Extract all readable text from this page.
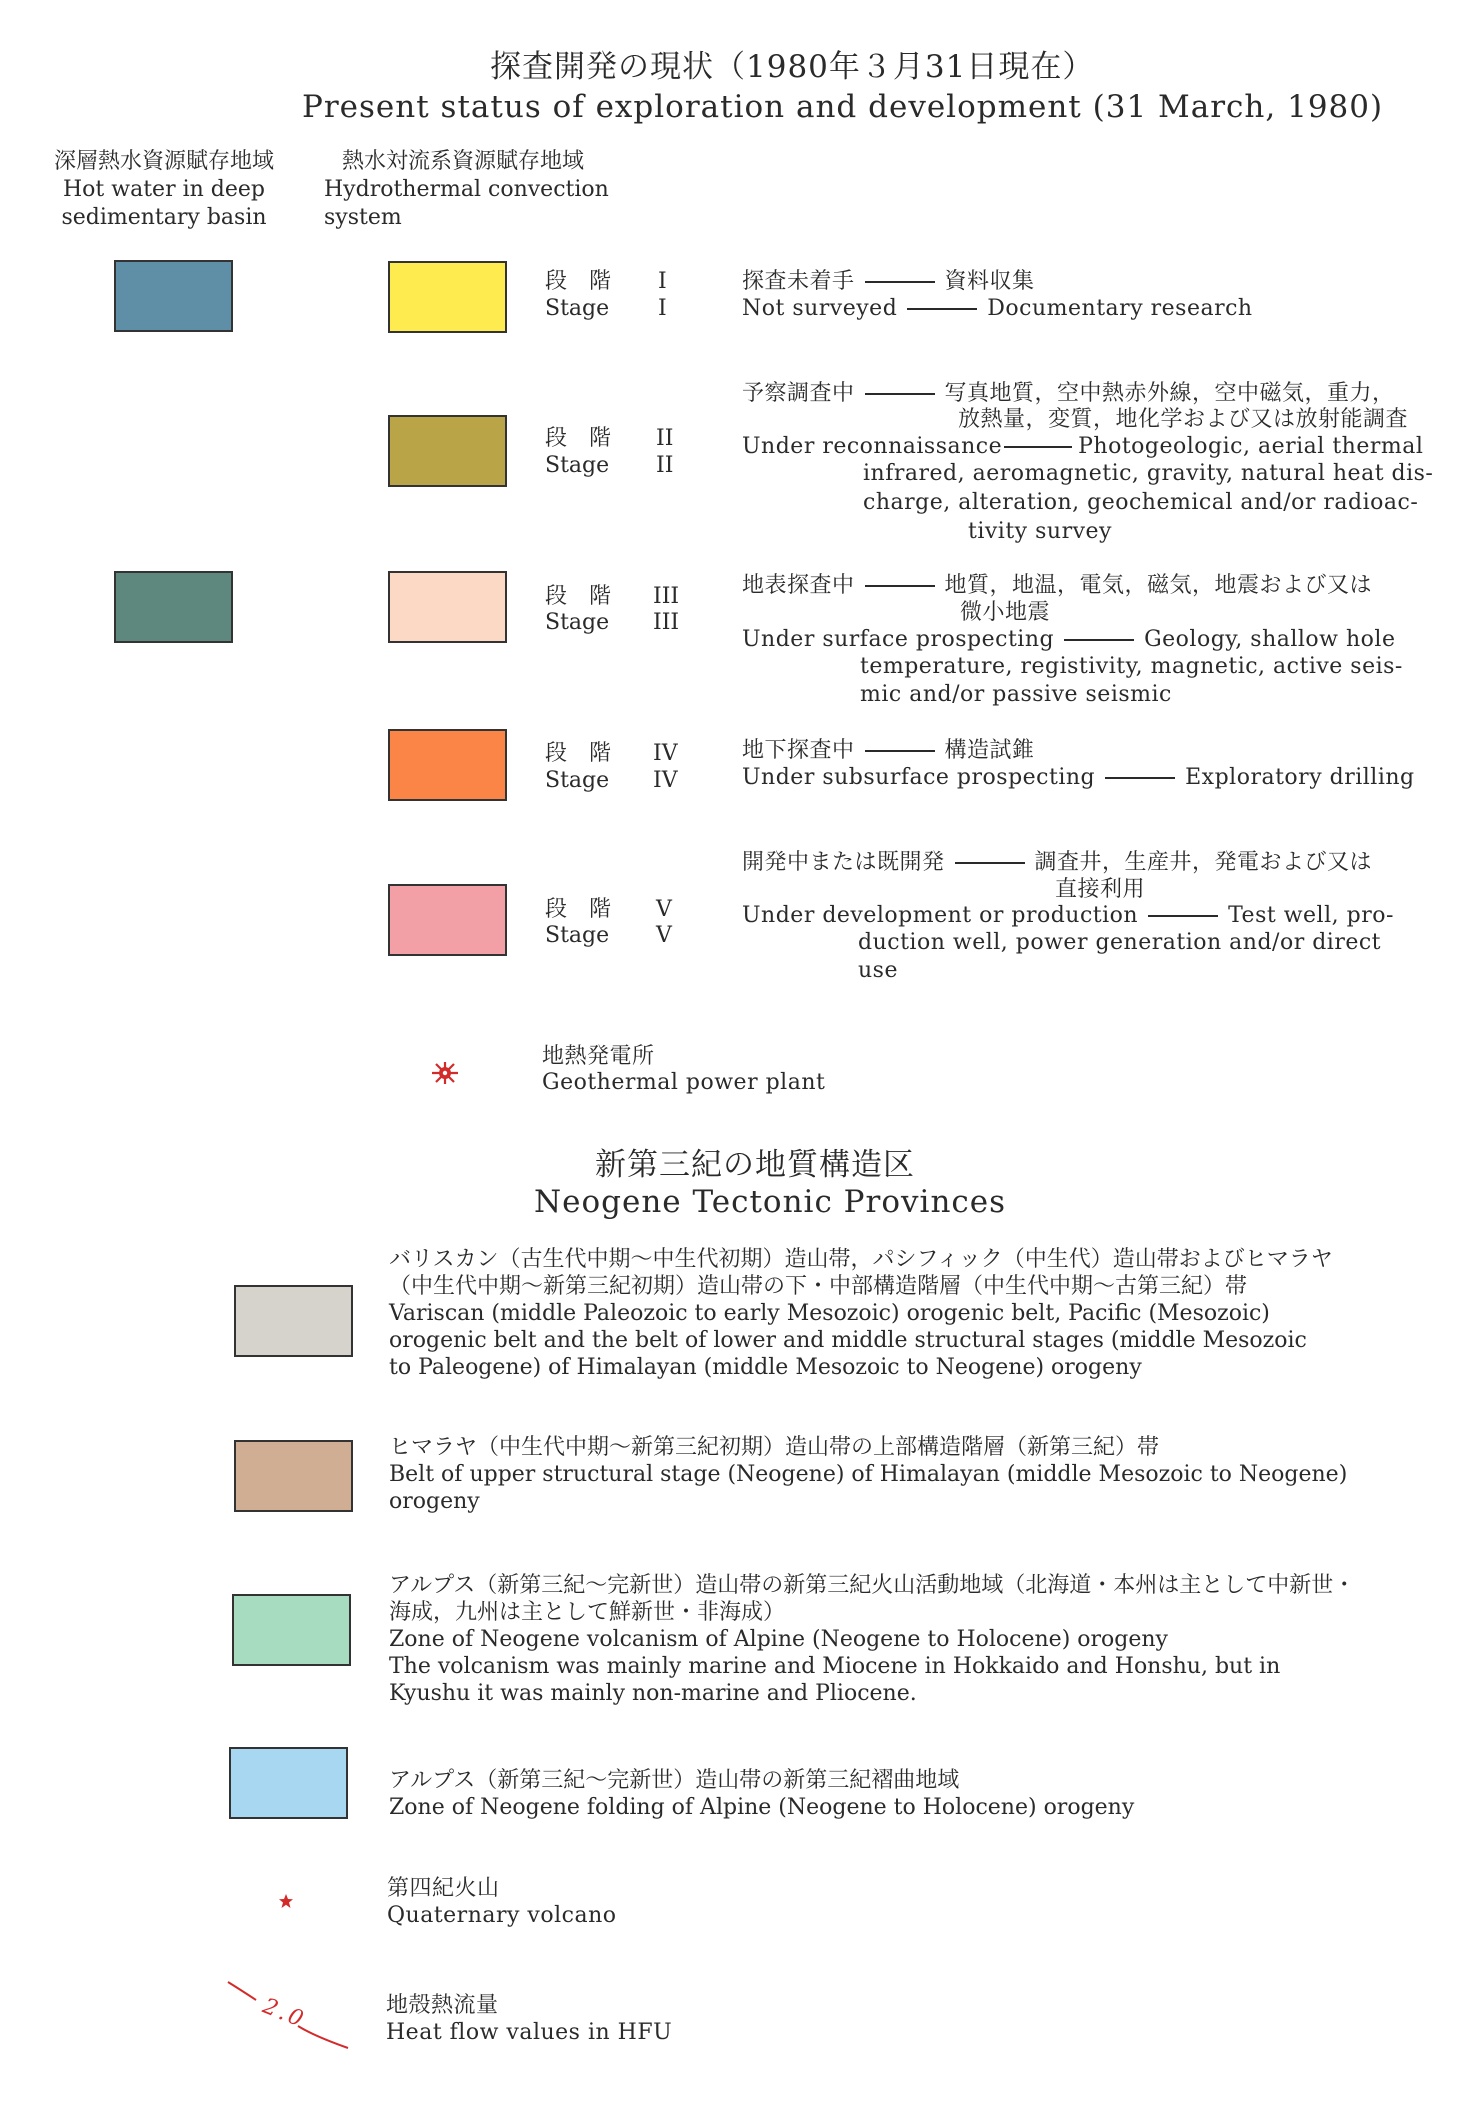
探査開発の現状（1980年３月31日現在）
Present status of exploration and development (31 March, 1980)
深層熱水資源賦存地域
Hot water in deep
sedimentary basin
熱水対流系資源賦存地域
Hydrothermal convection
system
段　階 I
Stage I
探査未着手	資料収集
Not surveyed	Documentary research
段　階 II
Stage II
予察調査中	写真地質，空中熱赤外線，空中磁気，重力，
放熱量，変質，地化学および又は放射能調査
Under reconnaissance	Photogeologic, aerial thermal
infrared, aeromagnetic, gravity, natural heat dis-
charge, alteration, geochemical and/or radioac-
tivity survey
段　階 III
Stage III
地表探査中	地質，地温，電気，磁気，地震および又は
微小地震
Under surface prospecting	Geology, shallow hole
temperature, registivity, magnetic, active seis-
mic and/or passive seismic
段　階 IV
Stage IV
地下探査中	構造試錐
Under subsurface prospecting	Exploratory drilling
段　階 V
Stage V
開発中または既開発	調査井，生産井，発電および又は
直接利用
Under development or production	Test well, pro-
duction well, power generation and/or direct
use
地熱発電所
Geothermal power plant
新第三紀の地質構造区
Neogene Tectonic Provinces
バリスカン（古生代中期～中生代初期）造山帯，パシフィック（中生代）造山帯およびヒマラヤ
（中生代中期～新第三紀初期）造山帯の下・中部構造階層（中生代中期～古第三紀）帯
Variscan (middle Paleozoic to early Mesozoic) orogenic belt, Pacific (Mesozoic)
orogenic belt and the belt of lower and middle structural stages (middle Mesozoic
to Paleogene) of Himalayan (middle Mesozoic to Neogene) orogeny
ヒマラヤ（中生代中期～新第三紀初期）造山帯の上部構造階層（新第三紀）帯
Belt of upper structural stage (Neogene) of Himalayan (middle Mesozoic to Neogene)
orogeny
アルプス（新第三紀～完新世）造山帯の新第三紀火山活動地域（北海道・本州は主として中新世・
海成，九州は主として鮮新世・非海成）
Zone of Neogene volcanism of Alpine (Neogene to Holocene) orogeny
The volcanism was mainly marine and Miocene in Hokkaido and Honshu, but in
Kyushu it was mainly non-marine and Pliocene.
アルプス（新第三紀～完新世）造山帯の新第三紀褶曲地域
Zone of Neogene folding of Alpine (Neogene to Holocene) orogeny
第四紀火山
Quaternary volcano
2.0	地殻熱流量
Heat flow values in HFU
